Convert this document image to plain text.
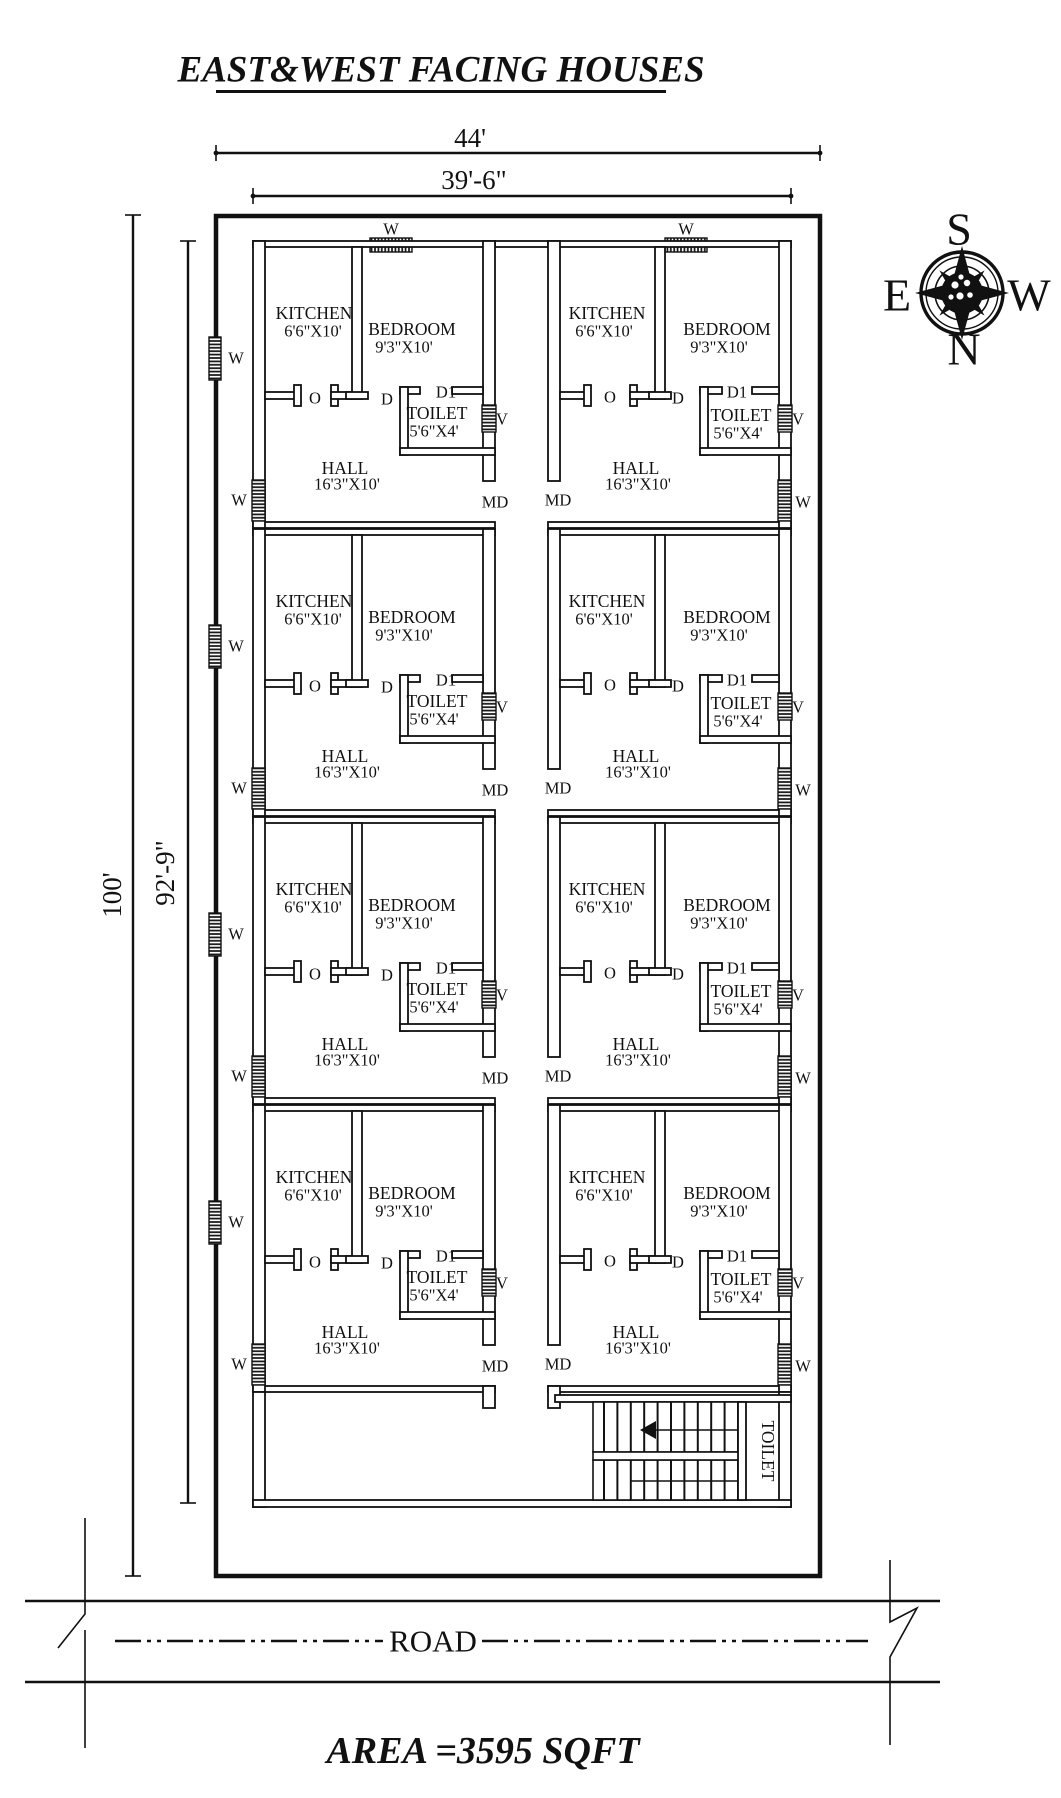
EAST&WEST FACING HOUSES
44'
39'-6"
100' 92'-9"
S
N
E W
W	W
TOILET
KITCHEN
6'6"X10' BEDROOM
9'3"X10'
O	D	D1
TOILET
5'6"X4'
HALL
16'3"X10'
V
W
W	MD
KITCHEN
6'6"X10'	BEDROOM
9'3"X10'
O	D	D1
TOILET
5'6"X4'
HALL
16'3"X10'
V
W
MD
KITCHEN
6'6"X10' BEDROOM
9'3"X10'
O	D	D1
TOILET
5'6"X4'
HALL
16'3"X10'
V
W
W	MD
KITCHEN
6'6"X10'	BEDROOM
9'3"X10'
O	D	D1
TOILET
5'6"X4'
HALL
16'3"X10'
V
W
MD
KITCHEN
6'6"X10' BEDROOM
9'3"X10'
O	D	D1
TOILET
5'6"X4'
HALL
16'3"X10'
V
W
W	MD
KITCHEN
6'6"X10'	BEDROOM
9'3"X10'
O	D	D1
TOILET
5'6"X4'
HALL
16'3"X10'
V
W
MD
KITCHEN
6'6"X10' BEDROOM
9'3"X10'
O	D	D1
TOILET
5'6"X4'
HALL
16'3"X10'
V
W
W	MD
KITCHEN
6'6"X10'	BEDROOM
9'3"X10'
O	D	D1
TOILET
5'6"X4'
HALL
16'3"X10'
V
W
MD
ROAD
AREA =3595 SQFT
